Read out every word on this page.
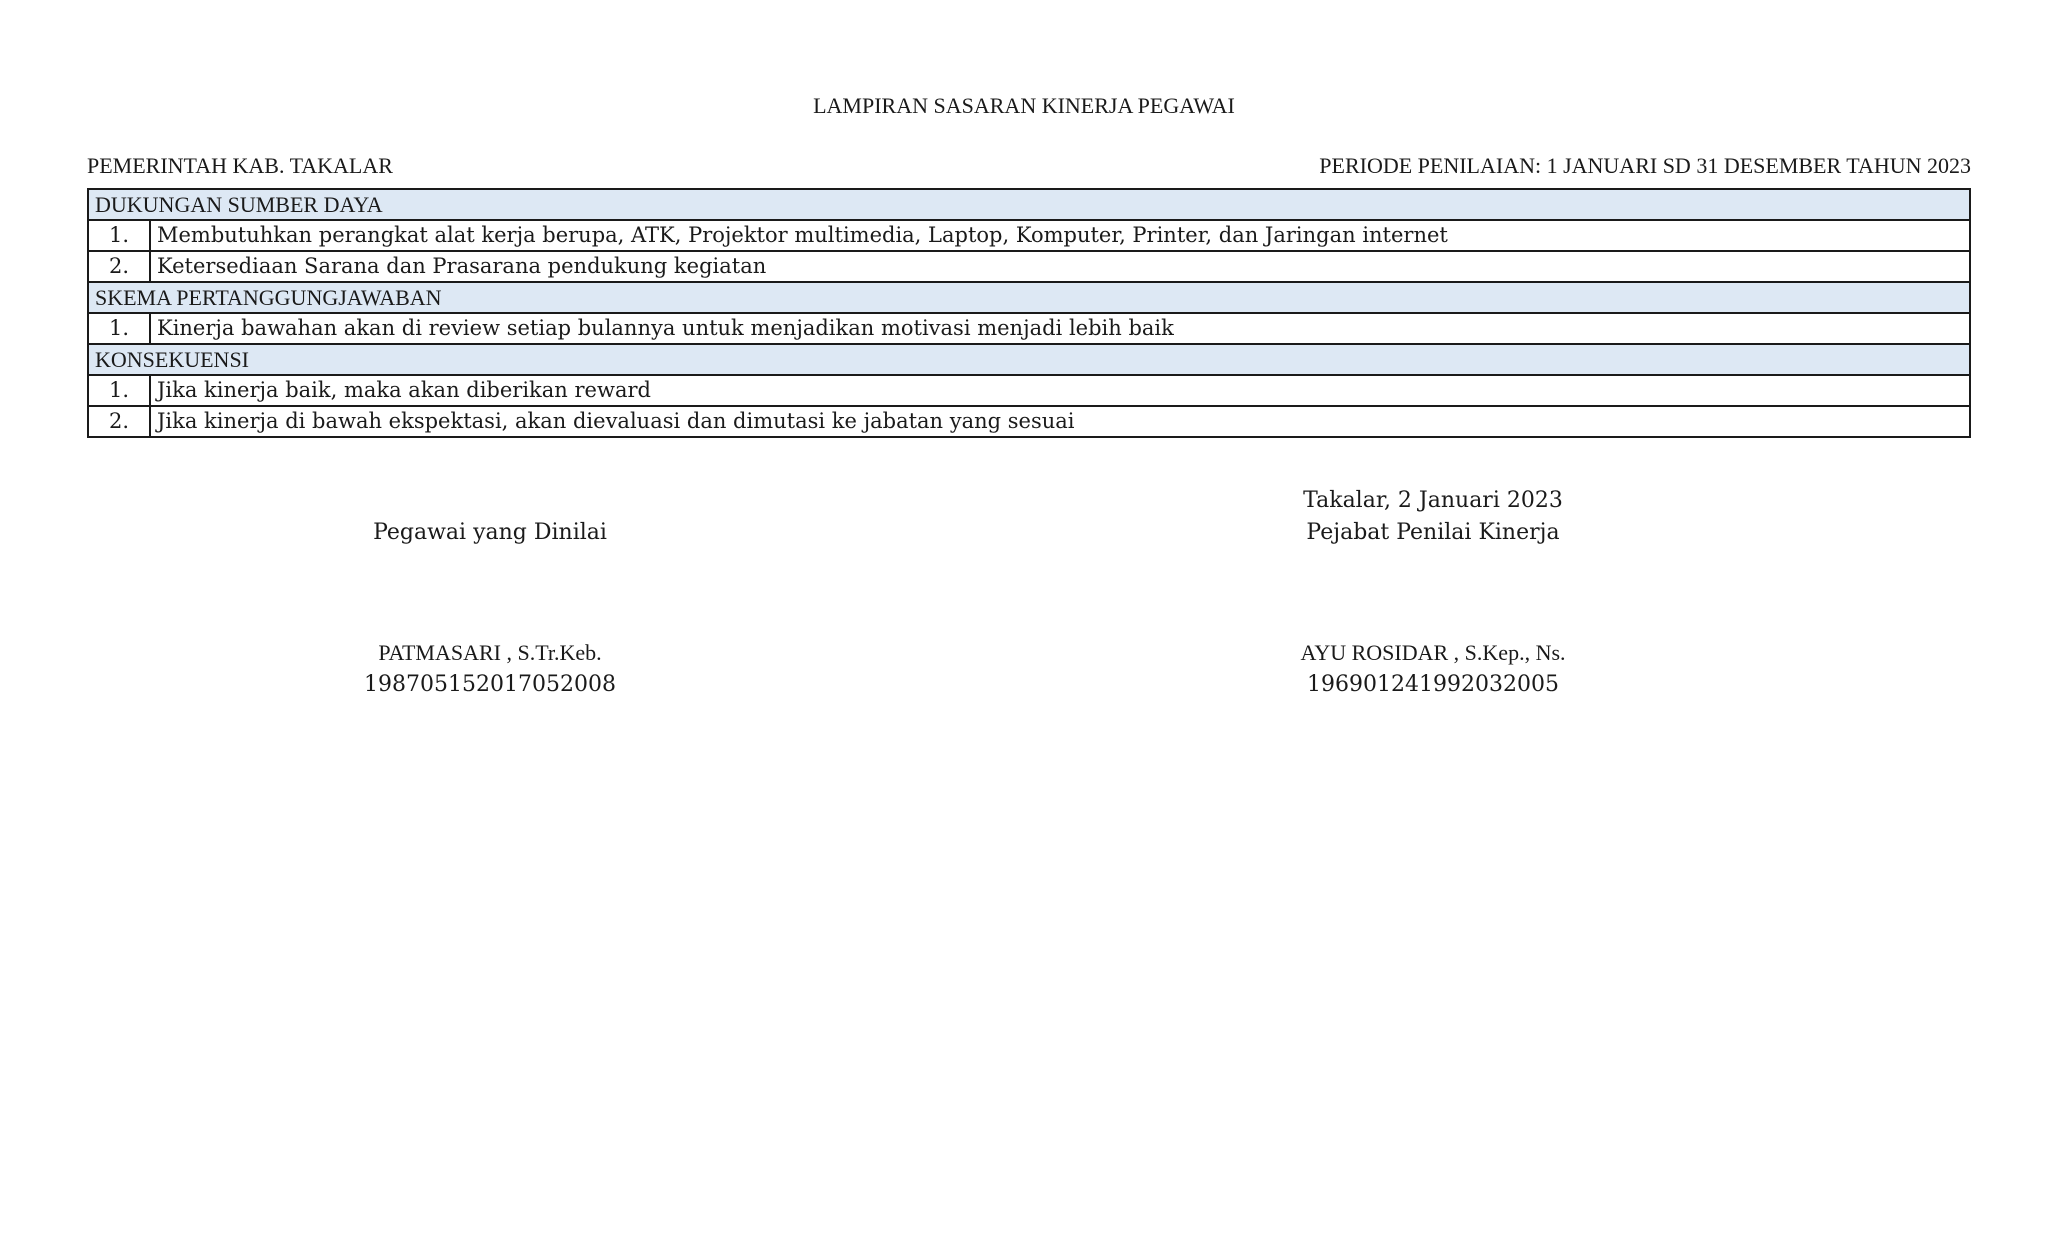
LAMPIRAN SASARAN KINERJA PEGAWAI
PEMERINTAH KAB. TAKALAR	PERIODE PENILAIAN: 1 JANUARI SD 31 DESEMBER TAHUN 2023
DUKUNGAN SUMBER DAYA	
1.	Membutuhkan perangkat alat kerja berupa, ATK, Projektor multimedia, Laptop, Komputer, Printer, dan Jaringan internet
2.	Ketersediaan Sarana dan Prasarana pendukung kegiatan
SKEMA PERTANGGUNGJAWABAN	
1.	Kinerja bawahan akan di review setiap bulannya untuk menjadikan motivasi menjadi lebih baik
KONSEKUENSI	
1.	Jika kinerja baik, maka akan diberikan reward
2.	Jika kinerja di bawah ekspektasi, akan dievaluasi dan dimutasi ke jabatan yang sesuai
Pegawai yang Dinilai
PATMASARI , S.Tr.Keb.
198705152017052008
Takalar, 2 Januari 2023
Pejabat Penilai Kinerja
AYU ROSIDAR , S.Kep., Ns.
196901241992032005
